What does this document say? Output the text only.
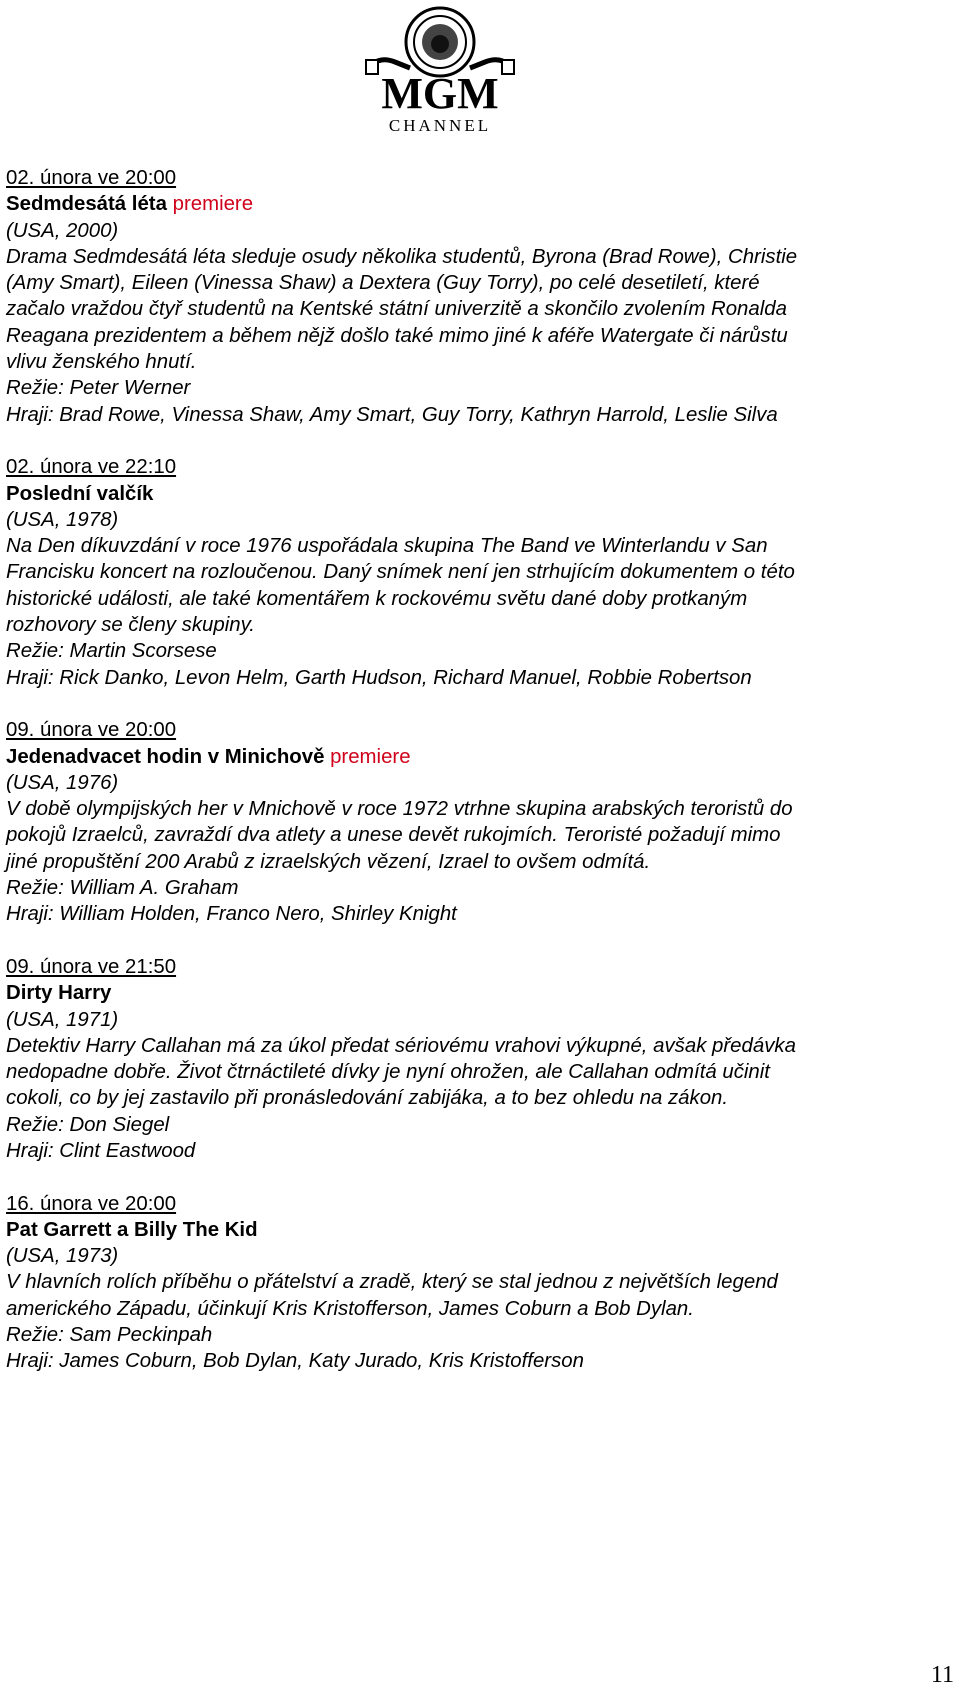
MGM
CHANNEL
02. února ve 20:00
Sedmdesátá léta premiere
(USA, 2000)
Drama Sedmdesátá léta sleduje osudy několika studentů, Byrona (Brad Rowe), Christie
(Amy Smart), Eileen (Vinessa Shaw) a Dextera (Guy Torry), po celé desetiletí, které
začalo vraždou čtyř studentů na Kentské státní univerzitě a skončilo zvolením Ronalda
Reagana prezidentem a během nějž došlo také mimo jiné k aféře Watergate či nárůstu
vlivu ženského hnutí.
Režie: Peter Werner
Hraji: Brad Rowe, Vinessa Shaw, Amy Smart, Guy Torry, Kathryn Harrold, Leslie Silva
02. února ve 22:10
Poslední valčík
(USA, 1978)
Na Den díkuvzdání v roce 1976 uspořádala skupina The Band ve Winterlandu v San
Francisku koncert na rozloučenou. Daný snímek není jen strhujícím dokumentem o této
historické události, ale také komentářem k rockovému světu dané doby protkaným
rozhovory se členy skupiny.
Režie: Martin Scorsese
Hraji: Rick Danko, Levon Helm, Garth Hudson, Richard Manuel, Robbie Robertson
09. února ve 20:00
Jedenadvacet hodin v Minichově premiere
(USA, 1976)
V době olympijských her v Mnichově v roce 1972 vtrhne skupina arabských teroristů do
pokojů Izraelců, zavraždí dva atlety a unese devět rukojmích. Teroristé požadují mimo
jiné propuštění 200 Arabů z izraelských vězení, Izrael to ovšem odmítá.
Režie: William A. Graham
Hraji: William Holden, Franco Nero, Shirley Knight
09. února ve 21:50
Dirty Harry
(USA, 1971)
Detektiv Harry Callahan má za úkol předat sériovému vrahovi výkupné, avšak předávka
nedopadne dobře. Život čtrnáctileté dívky je nyní ohrožen, ale Callahan odmítá učinit
cokoli, co by jej zastavilo při pronásledování zabijáka, a to bez ohledu na zákon.
Režie: Don Siegel
Hraji: Clint Eastwood
16. února ve 20:00
Pat Garrett a Billy The Kid
(USA, 1973)
V hlavních rolích příběhu o přátelství a zradě, který se stal jednou z největších legend
amerického Západu, účinkují Kris Kristofferson, James Coburn a Bob Dylan.
Režie: Sam Peckinpah
Hraji: James Coburn, Bob Dylan, Katy Jurado, Kris Kristofferson
11
